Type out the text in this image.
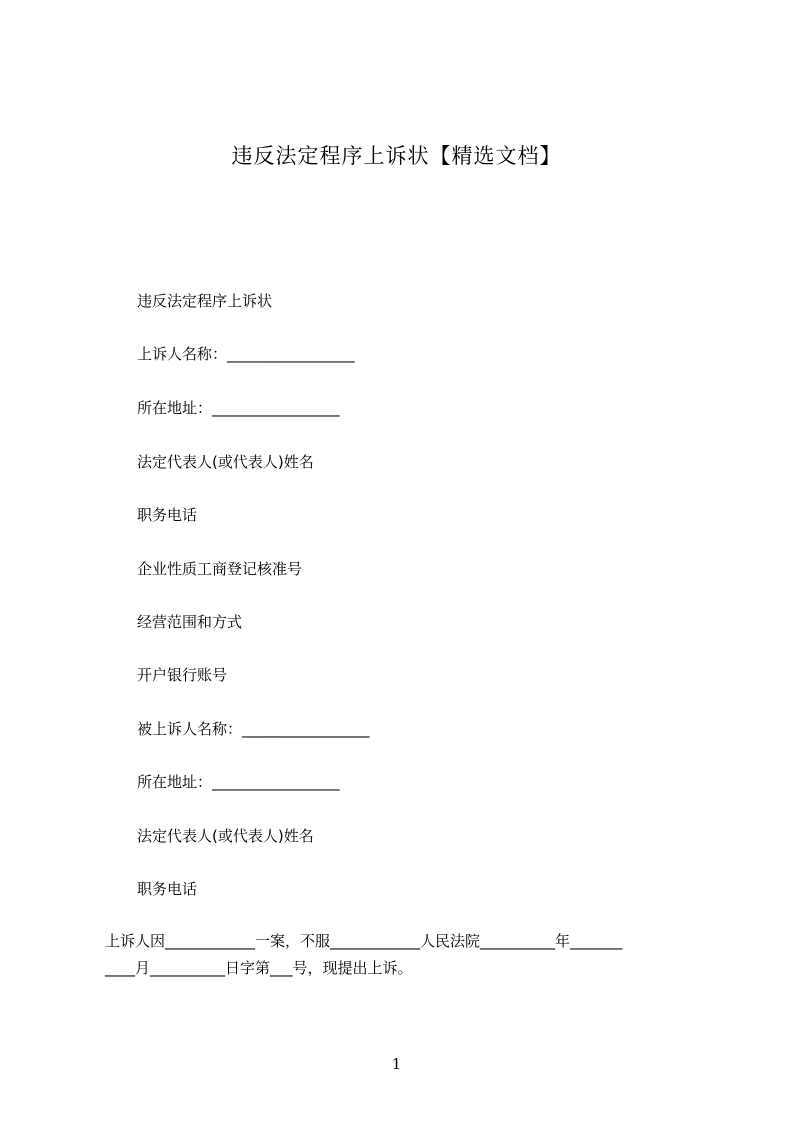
违反法定程序上诉状【精选文档】
违反法定程序上诉状
上诉人名称：_________________
所在地址：_________________
法定代表人(或代表人)姓名
职务电话
企业性质工商登记核准号
经营范围和方式
开户银行账号
被上诉人名称：_________________
所在地址：_________________
法定代表人(或代表人)姓名
职务电话
上诉人因____________一案，不服____________人民法院__________年_______
____月__________日字第___号，现提出上诉。
1
